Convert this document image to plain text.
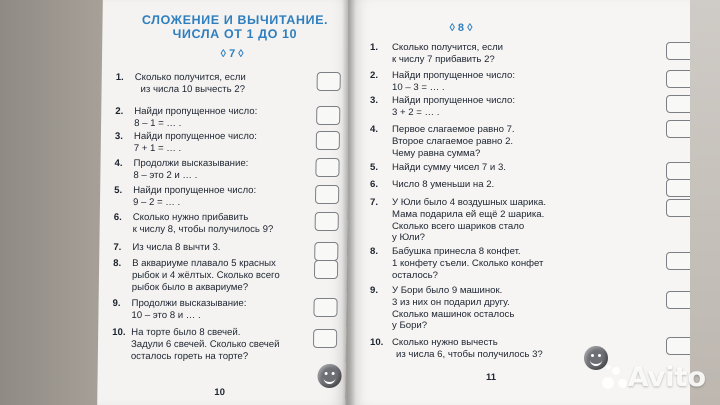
СЛОЖЕНИЕ И ВЫЧИТАНИЕ.
ЧИСЛА ОТ 1 ДО 10
◊ 7 ◊
1. Сколько получится, если
из числа 10 вычесть 2?
2. Найди пропущенное число:
8 – 1 = … .
3. Найди пропущенное число:
7 + 1 = … .
4. Продолжи высказывание:
8 – это 2 и … .
5. Найди пропущенное число:
9 – 2 = … .
6. Сколько нужно прибавить
к числу 8, чтобы получилось 9?
7. Из числа 8 вычти 3.
8. В аквариуме плавало 5 красных
рыбок и 4 жёлтых. Сколько всего
рыбок было в аквариуме?
9. Продолжи высказывание:
10 – это 8 и … .
10. На торте было 8 свечей.
Задули 6 свечей. Сколько свечей
осталось гореть на торте?
10
◊ 8 ◊
1. Сколько получится, если
к числу 7 прибавить 2?
2. Найди пропущенное число:
10 – 3 = … .
3. Найди пропущенное число:
3 + 2 = … .
4. Первое слагаемое равно 7.
Второе слагаемое равно 2.
Чему равна сумма?
5. Найди сумму чисел 7 и 3.
6. Число 8 уменьши на 2.
7. У Юли было 4 воздушных шарика.
Мама подарила ей ещё 2 шарика.
Сколько всего шариков стало
у Юли?
8. Бабушка принесла 8 конфет.
1 конфету съели. Сколько конфет
осталось?
9. У Бори было 9 машинок.
3 из них он подарил другу.
Сколько машинок осталось
у Бори?
10. Сколько нужно вычесть
из числа 6, чтобы получилось 3?
11	Avito
